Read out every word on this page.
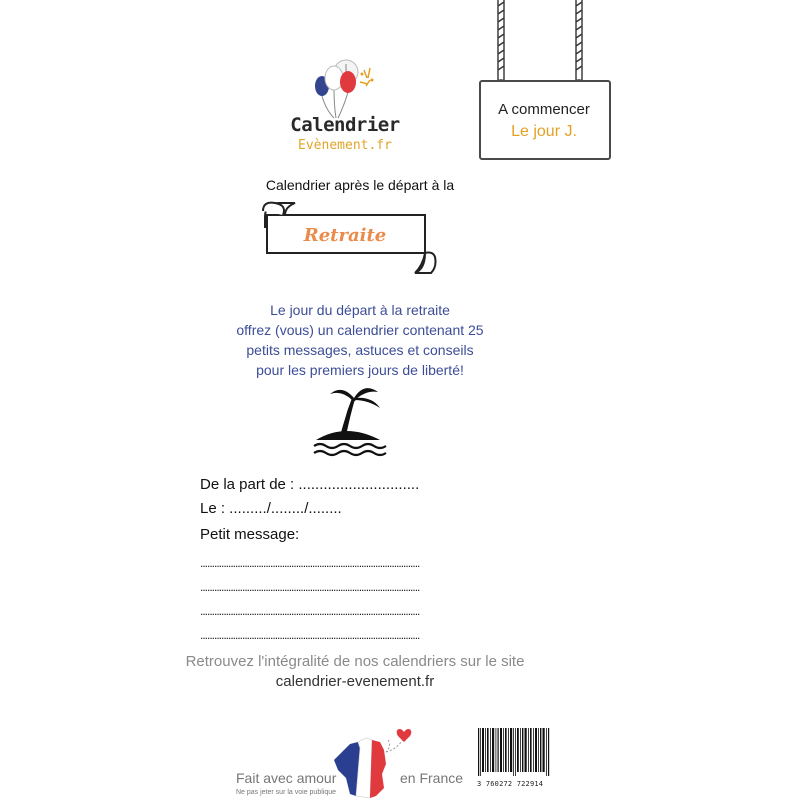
Calendrier
Evènement.fr
A commencer
Le jour J.
Calendrier après le départ à la
Retraite
Le jour du départ à la retraite
offrez (vous) un calendrier contenant 25
petits messages, astuces et conseils
pour les premiers jours de liberté!
De la part de : .............................
Le : ........./......../........
Petit message:
..............................................................................................
..............................................................................................
..............................................................................................
..............................................................................................
Retrouvez l'intégralité de nos calendriers sur le site
calendrier-evenement.fr
Fait avec amour	en France
Ne pas jeter sur la voie publique
3 760272 722914
